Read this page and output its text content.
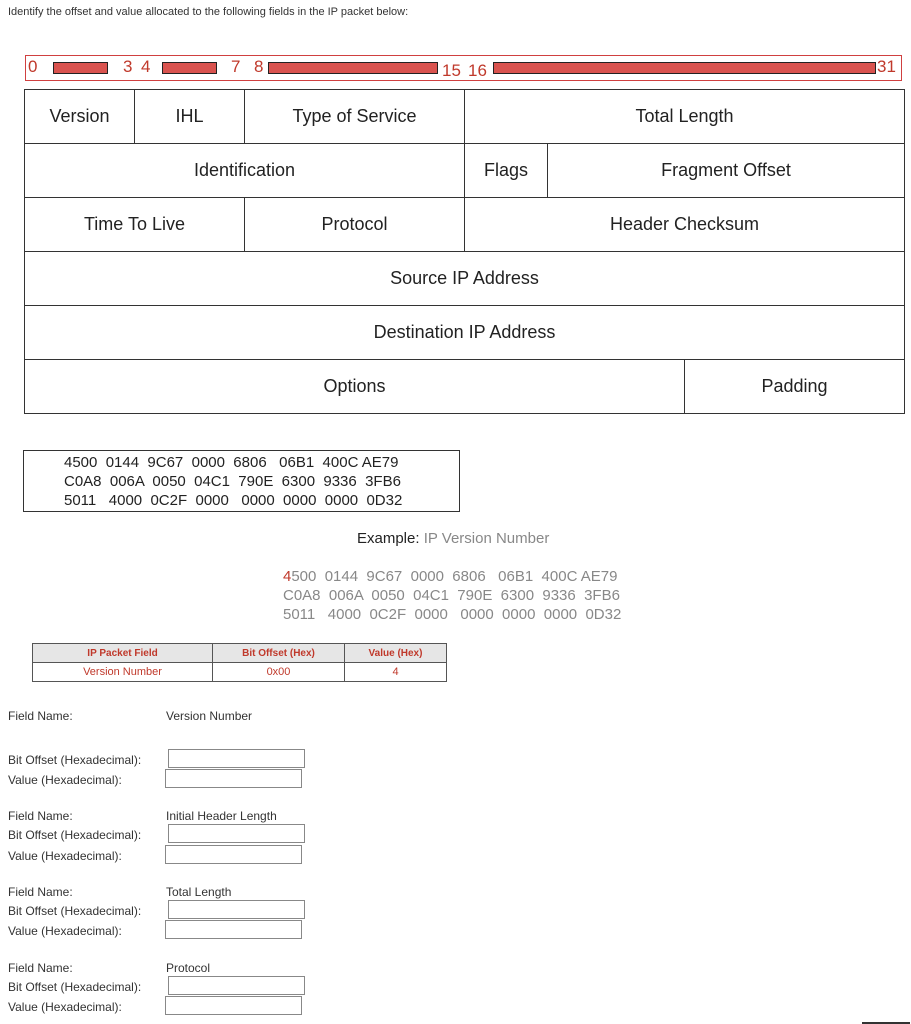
Identify the offset and value allocated to the following fields in the IP packet below:
0	3 4	7 8	15 16	31
Version	IHL	Type of Service	Total Length		
Identification			Flags	Fragment Offset	
Time To Live		Protocol	Header Checksum		
Source IP Address					
Destination IP Address					
Options					Padding
4500  0144  9C67  0000  6806   06B1  400C AE79
C0A8  006A  0050  04C1  790E  6300  9336  3FB6
5011   4000  0C2F  0000   0000  0000  0000  0D32
Example: IP Version Number
4500  0144  9C67  0000  6806   06B1  400C AE79
C0A8  006A  0050  04C1  790E  6300  9336  3FB6
5011   4000  0C2F  0000   0000  0000  0000  0D32
IP Packet Field	Bit Offset (Hex)	Value (Hex)
Version Number	0x00	4
Field Name:	Version Number
Bit Offset (Hexadecimal):
Value (Hexadecimal):
Field Name:	Initial Header Length
Bit Offset (Hexadecimal):
Value (Hexadecimal):
Field Name:	Total Length
Bit Offset (Hexadecimal):
Value (Hexadecimal):
Field Name:	Protocol
Bit Offset (Hexadecimal):
Value (Hexadecimal):
